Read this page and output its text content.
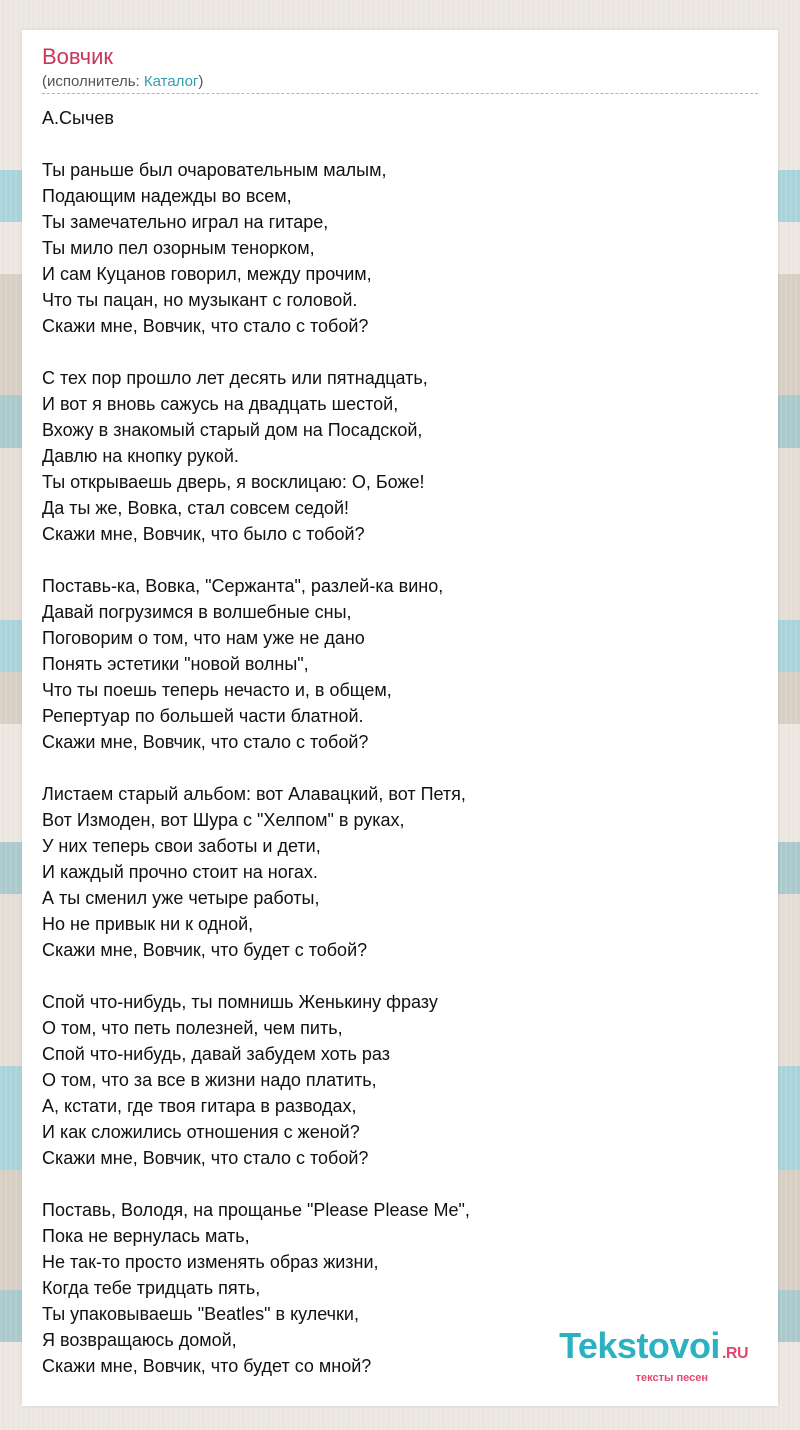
Вовчик
(исполнитель: Каталог)
А.Сычев

Ты раньше был очаровательным малым,
Подающим надежды во всем,
Ты замечательно играл на гитаре,
Ты мило пел озорным тенорком,
И сам Куцанов говорил, между прочим,
Что ты пацан, но музыкант с головой.
Скажи мне, Вовчик, что стало с тобой?

С тех пор прошло лет десять или пятнадцать,
И вот я вновь сажусь на двадцать шестой,
Вхожу в знакомый старый дом на Посадской,
Давлю на кнопку рукой.
Ты открываешь дверь, я восклицаю: О, Боже!
Да ты же, Вовка, стал совсем седой!
Скажи мне, Вовчик, что было с тобой?

Поставь-ка, Вовка, "Сержанта", разлей-ка вино,
Давай погрузимся в волшебные сны,
Поговорим о том, что нам уже не дано
Понять эстетики "новой волны",
Что ты поешь теперь нечасто и, в общем,
Репертуар по большей части блатной.
Скажи мне, Вовчик, что стало с тобой?

Листаем старый альбом: вот Алавацкий, вот Петя,
Вот Измоден, вот Шура с "Хелпом" в руках,
У них теперь свои заботы и дети,
И каждый прочно стоит на ногах.
А ты сменил уже четыре работы,
Но не привык ни к одной,
Скажи мне, Вовчик, что будет с тобой?

Спой что-нибудь, ты помнишь Женькину фразу
О том, что петь полезней, чем пить,
Спой что-нибудь, давай забудем хоть раз
О том, что за все в жизни надо платить,
А, кстати, где твоя гитара в разводах,
И как сложились отношения с женой?
Скажи мне, Вовчик, что стало с тобой?

Поставь, Володя, на прощанье "Please Please Me",
Пока не вернулась мать,
Не так-то просто изменять образ жизни,
Когда тебе тридцать пять,
Ты упаковываешь "Beatles" в кулечки,
Я возвращаюсь домой,
Скажи мне, Вовчик, что будет со мной?	Tekstovoi .RU
тексты песен
